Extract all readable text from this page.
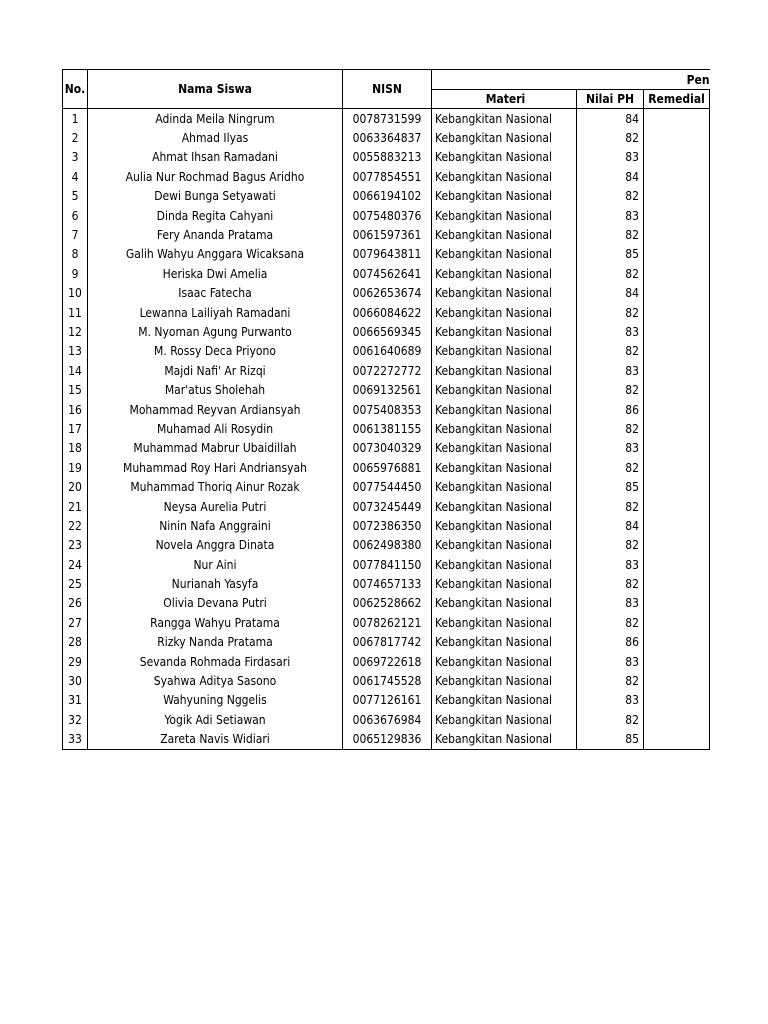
No.	Nama Siswa	NISN	Pen		

			Materi	Nilai PH	Remedial
1	Adinda Meila Ningrum	0078731599	Kebangkitan Nasional	84	
2	Ahmad Ilyas	0063364837	Kebangkitan Nasional	82	
3	Ahmat Ihsan Ramadani	0055883213	Kebangkitan Nasional	83	
4	Aulia Nur Rochmad Bagus Aridho	0077854551	Kebangkitan Nasional	84	
5	Dewi Bunga Setyawati	0066194102	Kebangkitan Nasional	82	
6	Dinda Regita Cahyani	0075480376	Kebangkitan Nasional	83	
7	Fery Ananda Pratama	0061597361	Kebangkitan Nasional	82	
8	Galih Wahyu Anggara Wicaksana	0079643811	Kebangkitan Nasional	85	
9	Heriska Dwi Amelia	0074562641	Kebangkitan Nasional	82	
10	Isaac Fatecha	0062653674	Kebangkitan Nasional	84	
11	Lewanna Lailiyah Ramadani	0066084622	Kebangkitan Nasional	82	
12	M. Nyoman Agung Purwanto	0066569345	Kebangkitan Nasional	83	
13	M. Rossy Deca Priyono	0061640689	Kebangkitan Nasional	82	
14	Majdi Nafi' Ar Rizqi	0072272772	Kebangkitan Nasional	83	
15	Mar'atus Sholehah	0069132561	Kebangkitan Nasional	82	
16	Mohammad Reyvan Ardiansyah	0075408353	Kebangkitan Nasional	86	
17	Muhamad Ali Rosydin	0061381155	Kebangkitan Nasional	82	
18	Muhammad Mabrur Ubaidillah	0073040329	Kebangkitan Nasional	83	
19	Muhammad Roy Hari Andriansyah	0065976881	Kebangkitan Nasional	82	
20	Muhammad Thoriq Ainur Rozak	0077544450	Kebangkitan Nasional	85	
21	Neysa Aurelia Putri	0073245449	Kebangkitan Nasional	82	
22	Ninin Nafa Anggraini	0072386350	Kebangkitan Nasional	84	
23	Novela Anggra Dinata	0062498380	Kebangkitan Nasional	82	
24	Nur Aini	0077841150	Kebangkitan Nasional	83	
25	Nurianah Yasyfa	0074657133	Kebangkitan Nasional	82	
26	Olivia Devana Putri	0062528662	Kebangkitan Nasional	83	
27	Rangga Wahyu Pratama	0078262121	Kebangkitan Nasional	82	
28	Rizky Nanda Pratama	0067817742	Kebangkitan Nasional	86	
29	Sevanda Rohmada Firdasari	0069722618	Kebangkitan Nasional	83	
30	Syahwa Aditya Sasono	0061745528	Kebangkitan Nasional	82	
31	Wahyuning Nggelis	0077126161	Kebangkitan Nasional	83	
32	Yogik Adi Setiawan	0063676984	Kebangkitan Nasional	82	
33	Zareta Navis Widiari	0065129836	Kebangkitan Nasional	85	
